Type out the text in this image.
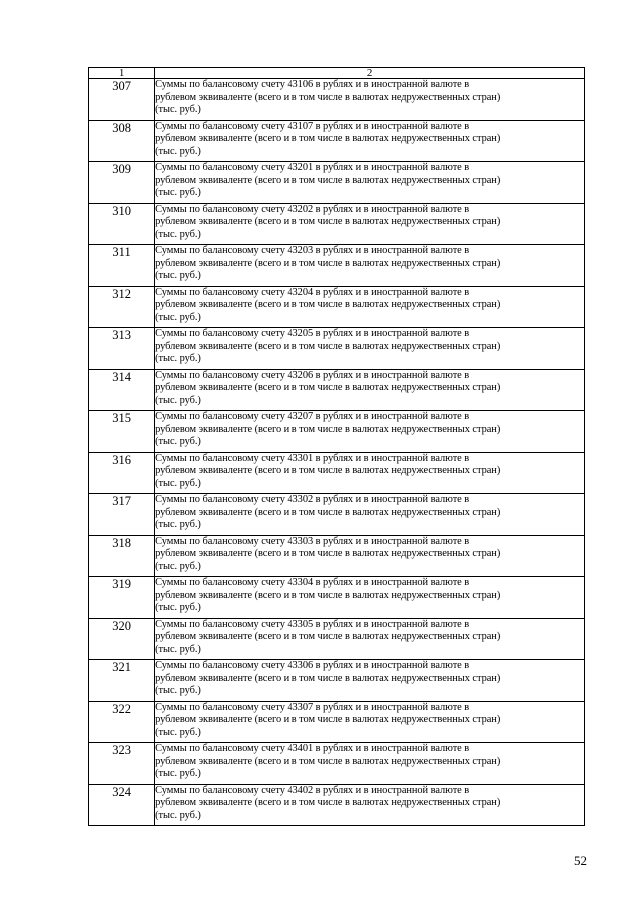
1	2
307	Суммы по балансовому счету 43106 в рублях и в иностранной валюте в
рублевом эквиваленте (всего и в том числе в валютах недружественных стран)
(тыс. руб.)
308	Суммы по балансовому счету 43107 в рублях и в иностранной валюте в
рублевом эквиваленте (всего и в том числе в валютах недружественных стран)
(тыс. руб.)
309	Суммы по балансовому счету 43201 в рублях и в иностранной валюте в
рублевом эквиваленте (всего и в том числе в валютах недружественных стран)
(тыс. руб.)
310	Суммы по балансовому счету 43202 в рублях и в иностранной валюте в
рублевом эквиваленте (всего и в том числе в валютах недружественных стран)
(тыс. руб.)
311	Суммы по балансовому счету 43203 в рублях и в иностранной валюте в
рублевом эквиваленте (всего и в том числе в валютах недружественных стран)
(тыс. руб.)
312	Суммы по балансовому счету 43204 в рублях и в иностранной валюте в
рублевом эквиваленте (всего и в том числе в валютах недружественных стран)
(тыс. руб.)
313	Суммы по балансовому счету 43205 в рублях и в иностранной валюте в
рублевом эквиваленте (всего и в том числе в валютах недружественных стран)
(тыс. руб.)
314	Суммы по балансовому счету 43206 в рублях и в иностранной валюте в
рублевом эквиваленте (всего и в том числе в валютах недружественных стран)
(тыс. руб.)
315	Суммы по балансовому счету 43207 в рублях и в иностранной валюте в
рублевом эквиваленте (всего и в том числе в валютах недружественных стран)
(тыс. руб.)
316	Суммы по балансовому счету 43301 в рублях и в иностранной валюте в
рублевом эквиваленте (всего и в том числе в валютах недружественных стран)
(тыс. руб.)
317	Суммы по балансовому счету 43302 в рублях и в иностранной валюте в
рублевом эквиваленте (всего и в том числе в валютах недружественных стран)
(тыс. руб.)
318	Суммы по балансовому счету 43303 в рублях и в иностранной валюте в
рублевом эквиваленте (всего и в том числе в валютах недружественных стран)
(тыс. руб.)
319	Суммы по балансовому счету 43304 в рублях и в иностранной валюте в
рублевом эквиваленте (всего и в том числе в валютах недружественных стран)
(тыс. руб.)
320	Суммы по балансовому счету 43305 в рублях и в иностранной валюте в
рублевом эквиваленте (всего и в том числе в валютах недружественных стран)
(тыс. руб.)
321	Суммы по балансовому счету 43306 в рублях и в иностранной валюте в
рублевом эквиваленте (всего и в том числе в валютах недружественных стран)
(тыс. руб.)
322	Суммы по балансовому счету 43307 в рублях и в иностранной валюте в
рублевом эквиваленте (всего и в том числе в валютах недружественных стран)
(тыс. руб.)
323	Суммы по балансовому счету 43401 в рублях и в иностранной валюте в
рублевом эквиваленте (всего и в том числе в валютах недружественных стран)
(тыс. руб.)
324	Суммы по балансовому счету 43402 в рублях и в иностранной валюте в
рублевом эквиваленте (всего и в том числе в валютах недружественных стран)
(тыс. руб.)
52
